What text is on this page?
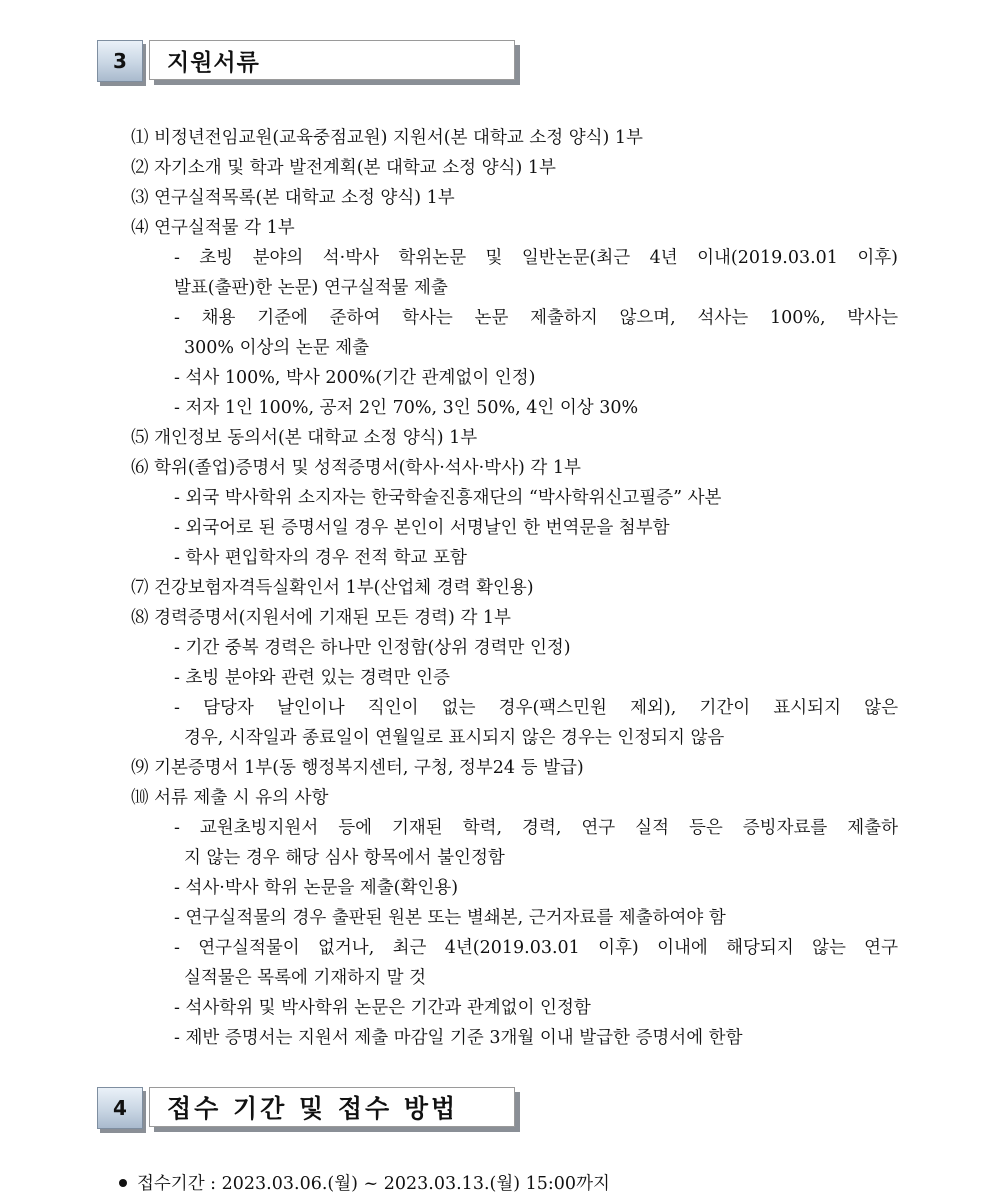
3	지원서류
⑴ 비정년전임교원(교육중점교원) 지원서(본 대학교 소정 양식) 1부
⑵ 자기소개 및 학과 발전계획(본 대학교 소정 양식) 1부
⑶ 연구실적목록(본 대학교 소정 양식) 1부
⑷ 연구실적물 각 1부
- 초빙 분야의 석·박사 학위논문 및 일반논문(최근 4년 이내(2019.03.01 이후)
발표(출판)한 논문) 연구실적물 제출
- 채용 기준에 준하여 학사는 논문 제출하지 않으며, 석사는 100%, 박사는
300% 이상의 논문 제출
- 석사 100%, 박사 200%(기간 관계없이 인정)
- 저자 1인 100%, 공저 2인 70%, 3인 50%, 4인 이상 30%
⑸ 개인정보 동의서(본 대학교 소정 양식) 1부
⑹ 학위(졸업)증명서 및 성적증명서(학사·석사·박사) 각 1부
- 외국 박사학위 소지자는 한국학술진흥재단의 “박사학위신고필증” 사본
- 외국어로 된 증명서일 경우 본인이 서명날인 한 번역문을 첨부함
- 학사 편입학자의 경우 전적 학교 포함
⑺ 건강보험자격득실확인서 1부(산업체 경력 확인용)
⑻ 경력증명서(지원서에 기재된 모든 경력) 각 1부
- 기간 중복 경력은 하나만 인정함(상위 경력만 인정)
- 초빙 분야와 관련 있는 경력만 인증
- 담당자 날인이나 직인이 없는 경우(팩스민원 제외), 기간이 표시되지 않은
경우, 시작일과 종료일이 연월일로 표시되지 않은 경우는 인정되지 않음
⑼ 기본증명서 1부(동 행정복지센터, 구청, 정부24 등 발급)
⑽ 서류 제출 시 유의 사항
- 교원초빙지원서 등에 기재된 학력, 경력, 연구 실적 등은 증빙자료를 제출하
지 않는 경우 해당 심사 항목에서 불인정함
- 석사·박사 학위 논문을 제출(확인용)
- 연구실적물의 경우 출판된 원본 또는 별쇄본, 근거자료를 제출하여야 함
- 연구실적물이 없거나, 최근 4년(2019.03.01 이후) 이내에 해당되지 않는 연구
실적물은 목록에 기재하지 말 것
- 석사학위 및 박사학위 논문은 기간과 관계없이 인정함
- 제반 증명서는 지원서 제출 마감일 기준 3개월 이내 발급한 증명서에 한함
4	접수 기간 및 접수 방법
접수기간 : 2023.03.06.(월) ~ 2023.03.13.(월) 15:00까지
